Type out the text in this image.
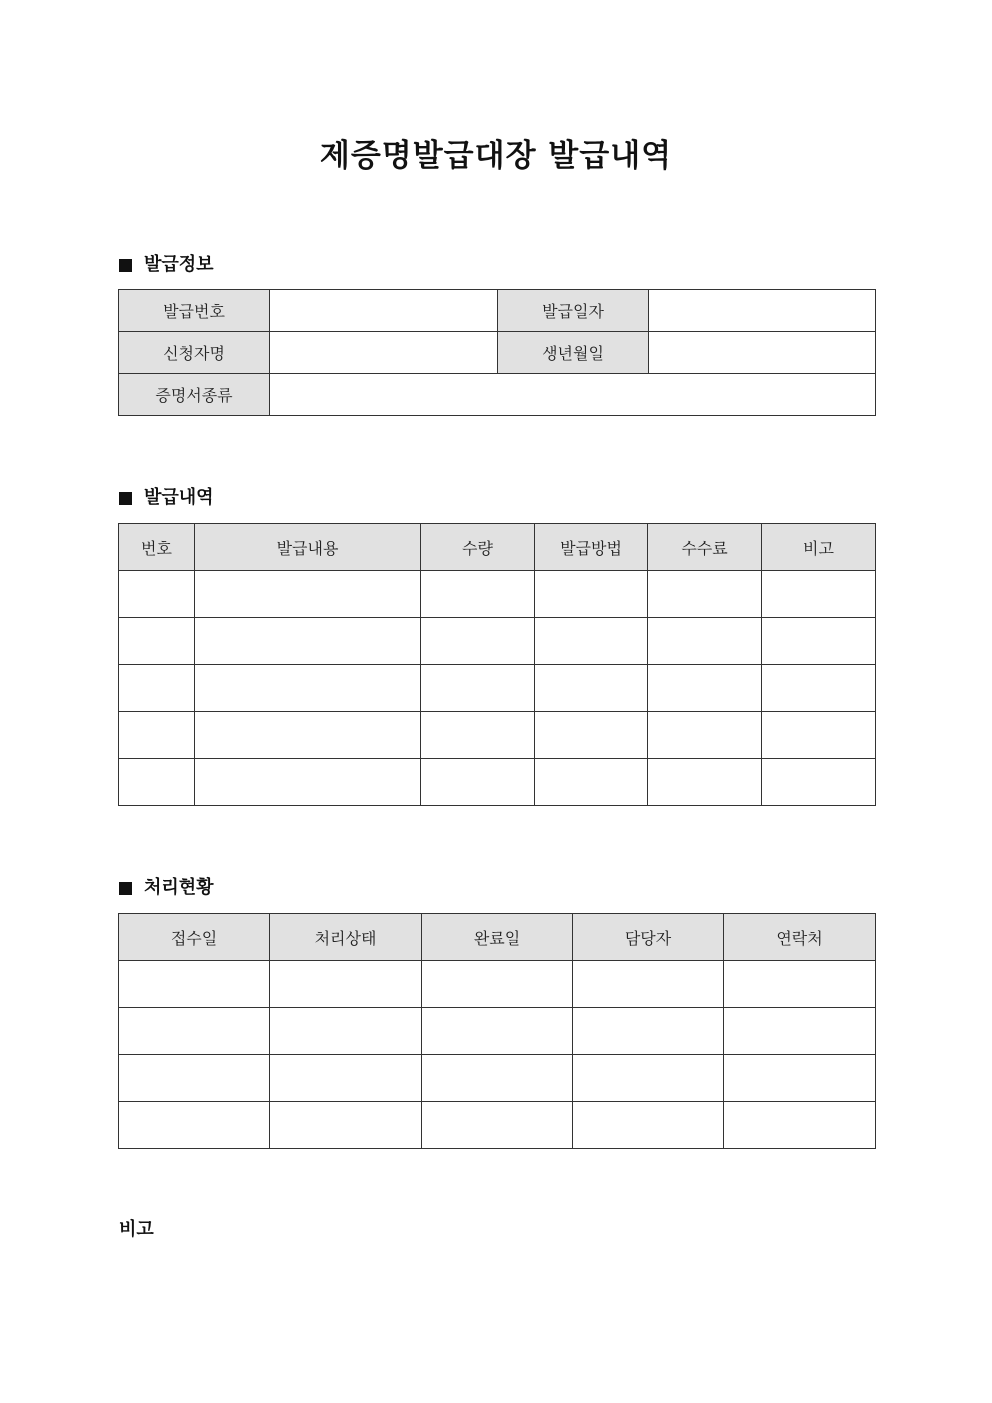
제증명발급대장 발급내역
발급정보
발급번호		발급일자	
신청자명		생년월일	
증명서종류			
발급내역
번호	발급내용	수량	발급방법	수수료	비고

처리현황
접수일	처리상태	완료일	담당자	연락처

비고
